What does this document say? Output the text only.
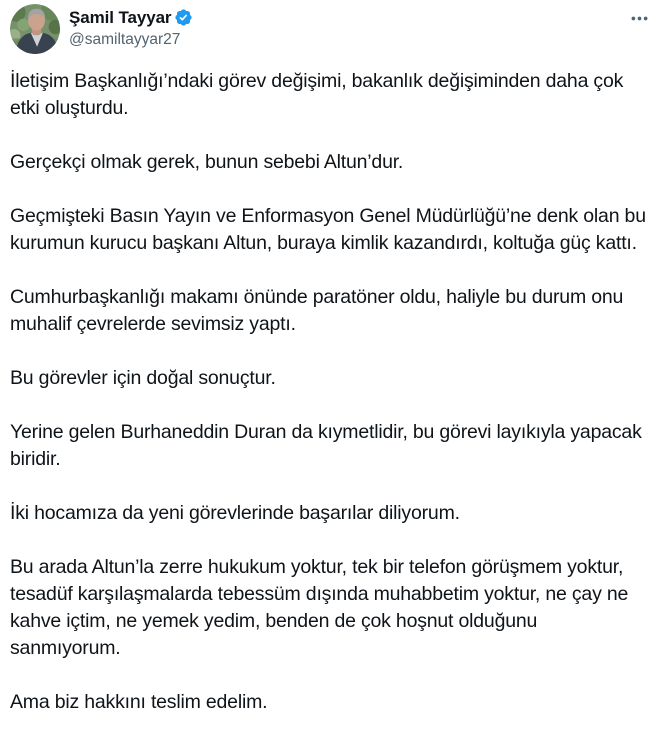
Şamil Tayyar
@samiltayyar27

İletişim Başkanlığı’ndaki görev değişimi, bakanlık değişiminden daha çok etki oluşturdu.

Gerçekçi olmak gerek, bunun sebebi Altun’dur.

Geçmişteki Basın Yayın ve Enformasyon Genel Müdürlüğü’ne denk olan bu kurumun kurucu başkanı Altun, buraya kimlik kazandırdı, koltuğa güç kattı.

Cumhurbaşkanlığı makamı önünde paratöner oldu, haliyle bu durum onu muhalif çevrelerde sevimsiz yaptı.

Bu görevler için doğal sonuçtur.

Yerine gelen Burhaneddin Duran da kıymetlidir, bu görevi layıkıyla yapacak biridir.

İki hocamıza da yeni görevlerinde başarılar diliyorum.

Bu arada Altun’la zerre hukukum yoktur, tek bir telefon görüşmem yoktur, tesadüf karşılaşmalarda tebessüm dışında muhabbetim yoktur, ne çay ne kahve içtim, ne yemek yedim, benden de çok hoşnut olduğunu sanmıyorum.

Ama biz hakkını teslim edelim.
